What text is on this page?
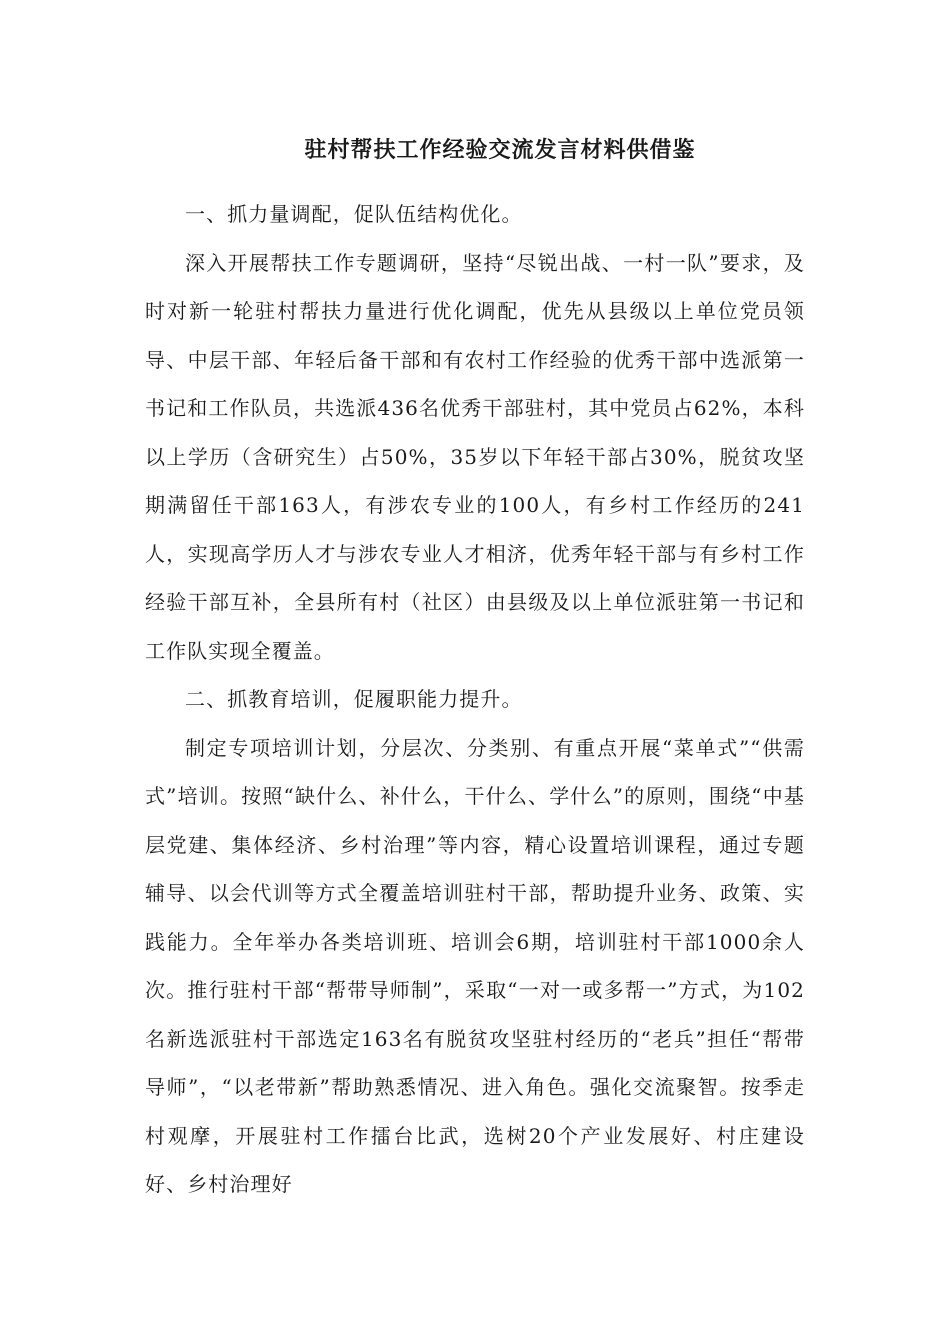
驻村帮扶工作经验交流发言材料供借鉴

一、抓力量调配，促队伍结构优化。

深入开展帮扶工作专题调研，坚持“尽锐出战、一村一队”要求，及时对新一轮驻村帮扶力量进行优化调配，优先从县级以上单位党员领导、中层干部、年轻后备干部和有农村工作经验的优秀干部中选派第一书记和工作队员，共选派436名优秀干部驻村，其中党员占62%，本科以上学历（含研究生）占50%，35岁以下年轻干部占30%，脱贫攻坚期满留任干部163人，有涉农专业的100人，有乡村工作经历的241人，实现高学历人才与涉农专业人才相济，优秀年轻干部与有乡村工作经验干部互补，全县所有村（社区）由县级及以上单位派驻第一书记和工作队实现全覆盖。

二、抓教育培训，促履职能力提升。

制定专项培训计划，分层次、分类别、有重点开展“菜单式”“供需式”培训。按照“缺什么、补什么，干什么、学什么”的原则，围绕“中基层党建、集体经济、乡村治理”等内容，精心设置培训课程，通过专题辅导、以会代训等方式全覆盖培训驻村干部，帮助提升业务、政策、实践能力。全年举办各类培训班、培训会6期，培训驻村干部1000余人次。推行驻村干部“帮带导师制”，采取“一对一或多帮一”方式，为102名新选派驻村干部选定163名有脱贫攻坚驻村经历的“老兵”担任“帮带导师”，“以老带新”帮助熟悉情况、进入角色。强化交流聚智。按季走村观摩，开展驻村工作擂台比武，选树20个产业发展好、村庄建设好、乡村治理好
